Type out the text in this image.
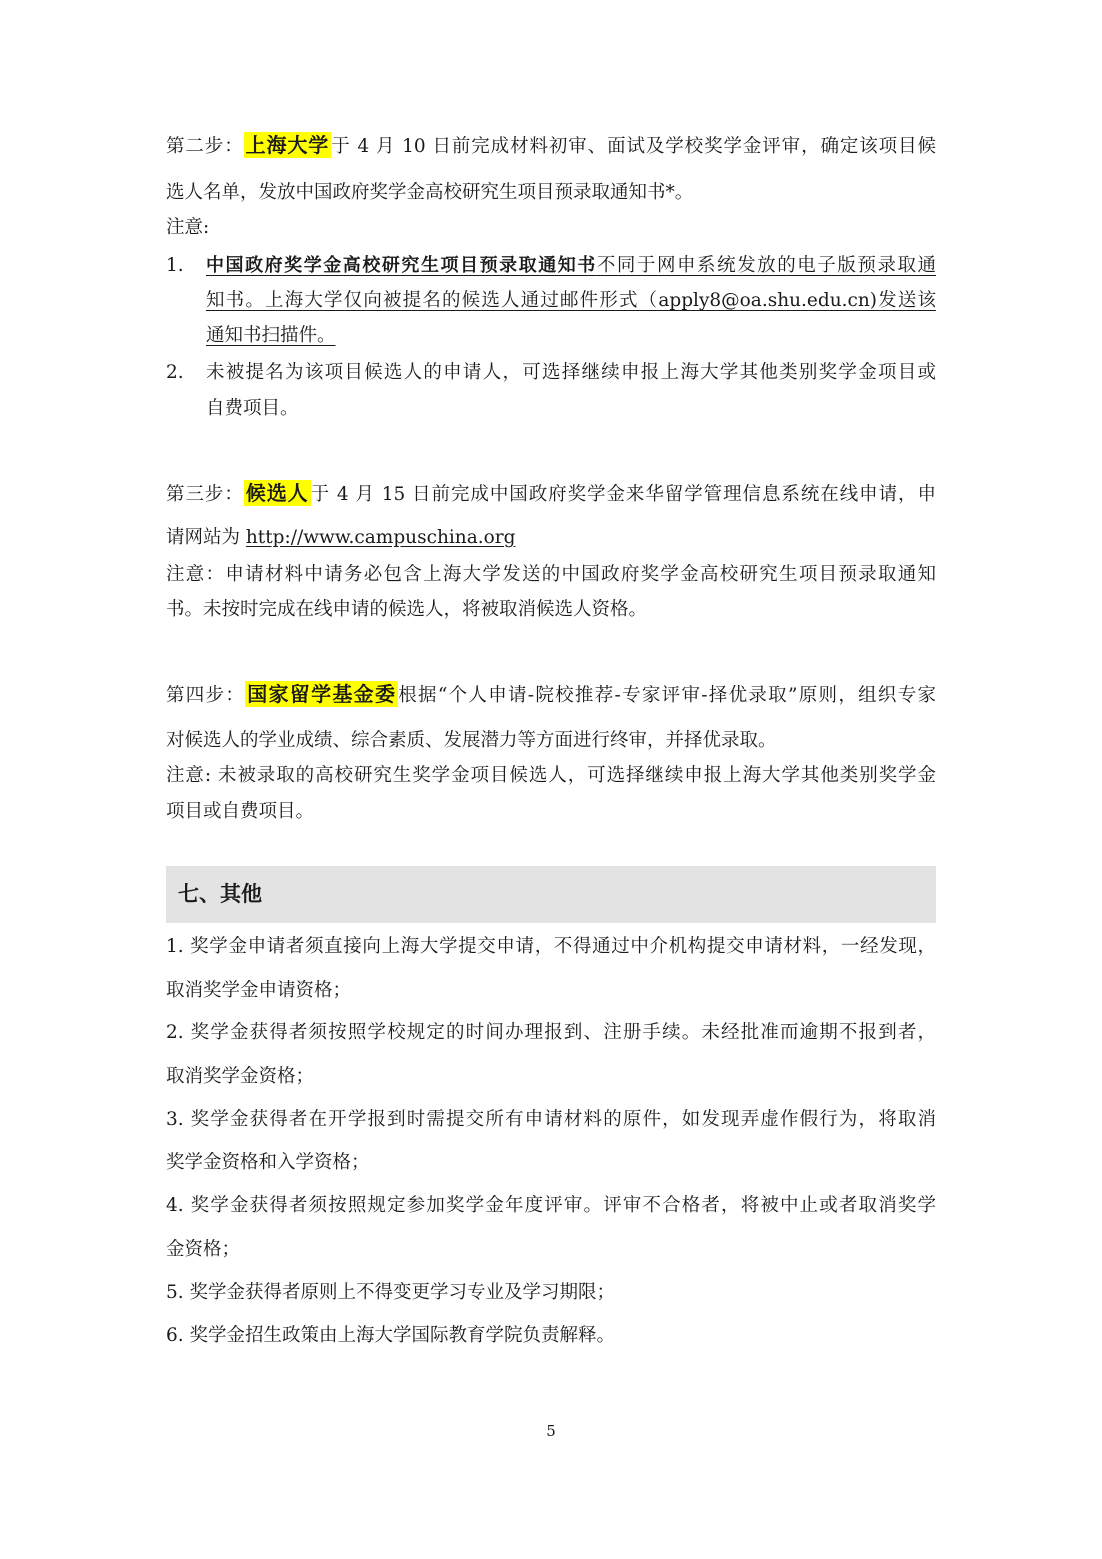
第二步： 上海大学 于 4 月 10 日前完成材料初审、面试及学校奖学金评审，确定该项目候
选人名单，发放中国政府奖学金高校研究生项目预录取通知书*。
注意:
1. 中国政府奖学金高校研究生项目预录取通知书不同于网申系统发放的电子版预录取通
知书。上海大学仅向被提名的候选人通过邮件形式（apply8@oa.shu.edu.cn)发送该
通知书扫描件。
2. 未被提名为该项目候选人的申请人，可选择继续申报上海大学其他类别奖学金项目或
自费项目。
第三步： 候选人 于 4 月 15 日前完成中国政府奖学金来华留学管理信息系统在线申请，申
请网站为 http://www.campuschina.org
注意：申请材料中请务必包含上海大学发送的中国政府奖学金高校研究生项目预录取通知
书。未按时完成在线申请的候选人，将被取消候选人资格。
第四步： 国家留学基金委 根据“个人申请-院校推荐-专家评审-择优录取”原则，组织专家
对候选人的学业成绩、综合素质、发展潜力等方面进行终审，并择优录取。
注意: 未被录取的高校研究生奖学金项目候选人，可选择继续申报上海大学其他类别奖学金
项目或自费项目。
七、其他
1. 奖学金申请者须直接向上海大学提交申请，不得通过中介机构提交申请材料，一经发现，
取消奖学金申请资格；
2. 奖学金获得者须按照学校规定的时间办理报到、注册手续。未经批准而逾期不报到者，
取消奖学金资格；
3. 奖学金获得者在开学报到时需提交所有申请材料的原件，如发现弄虚作假行为，将取消
奖学金资格和入学资格；
4. 奖学金获得者须按照规定参加奖学金年度评审。评审不合格者，将被中止或者取消奖学
金资格；
5. 奖学金获得者原则上不得变更学习专业及学习期限；
6. 奖学金招生政策由上海大学国际教育学院负责解释。
5
